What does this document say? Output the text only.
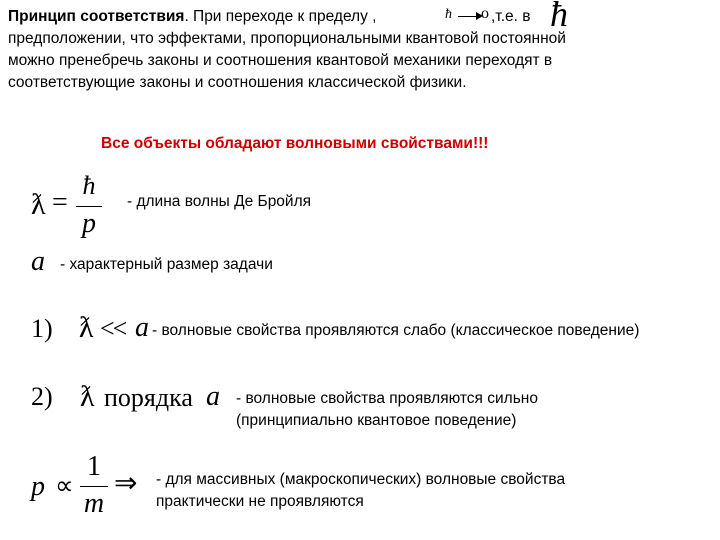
Принцип соответствия. При переходе к пределу ,	ħ o ,т.е. в ħ
предположении, что эффектами, пропорциональными квантовой постоянной
можно пренебречь законы и соотношения квантовой механики переходят в
соответствующие законы и соотношения классической физики.
Все объекты обладают волновыми свойствами!!!
ƛ =
ħ
p
- длина волны Де Бройля
a - характерный размер задачи
1) ƛ << a - волновые свойства проявляются слабо (классическое поведение)
2) ƛ порядка a - волновые свойства проявляются сильно
(принципиально квантовое поведение)
p ∝
1
m
⇒ - для массивных (макроскопических) волновые свойства
практически не проявляются
